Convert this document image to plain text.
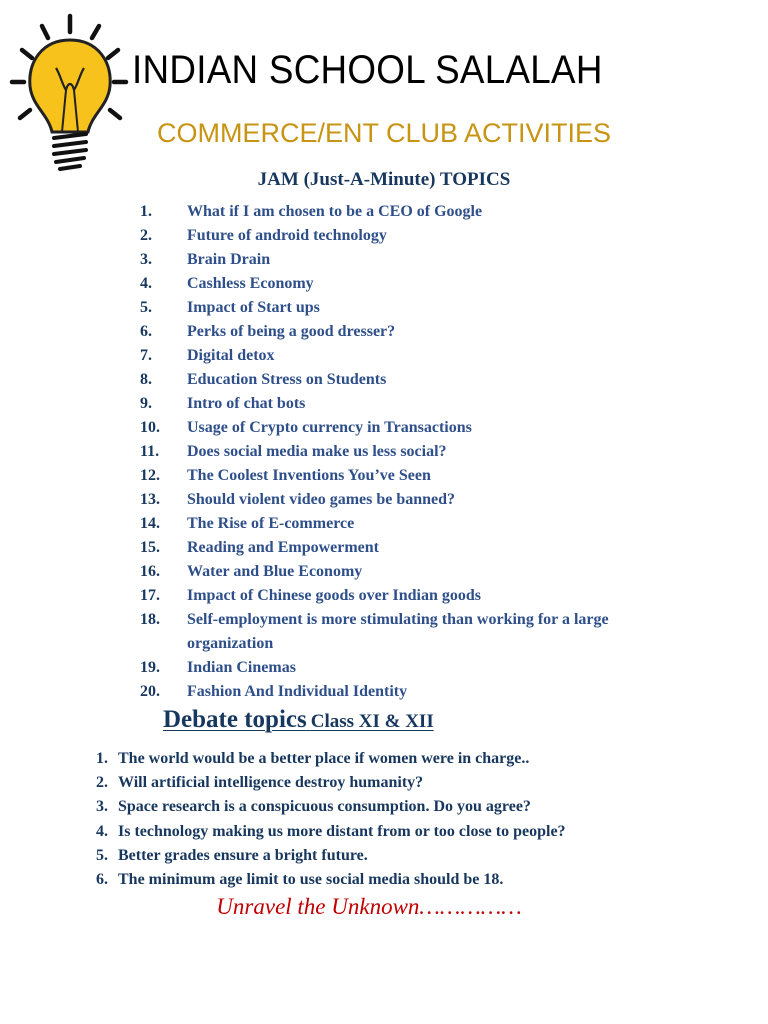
INDIAN SCHOOL SALALAH
COMMERCE/ENT CLUB ACTIVITIES
JAM (Just-A-Minute) TOPICS
1.	What if I am chosen to be a CEO of Google
2.	Future of android technology
3.	Brain Drain
4.	Cashless Economy
5.	Impact of Start ups
6.	Perks of being a good dresser?
7.	Digital detox
8.	Education Stress on Students
9.	Intro of chat bots
10.	Usage of Crypto currency in Transactions
11.	Does social media make us less social?
12.	The Coolest Inventions You’ve Seen
13.	Should violent video games be banned?
14.	The Rise of E-commerce
15.	Reading and Empowerment
16.	Water and Blue Economy
17.	Impact of Chinese goods over Indian goods
18.	Self-employment is more stimulating than working for a large organization
19.	Indian Cinemas
20.	Fashion And Individual Identity
Debate topics Class XI & XII
1. The world would be a better place if women were in charge..
2. Will artificial intelligence destroy humanity?
3. Space research is a conspicuous consumption. Do you agree?
4. Is technology making us more distant from or too close to people?
5. Better grades ensure a bright future.
6. The minimum age limit to use social media should be 18.
Unravel the Unknown……………
